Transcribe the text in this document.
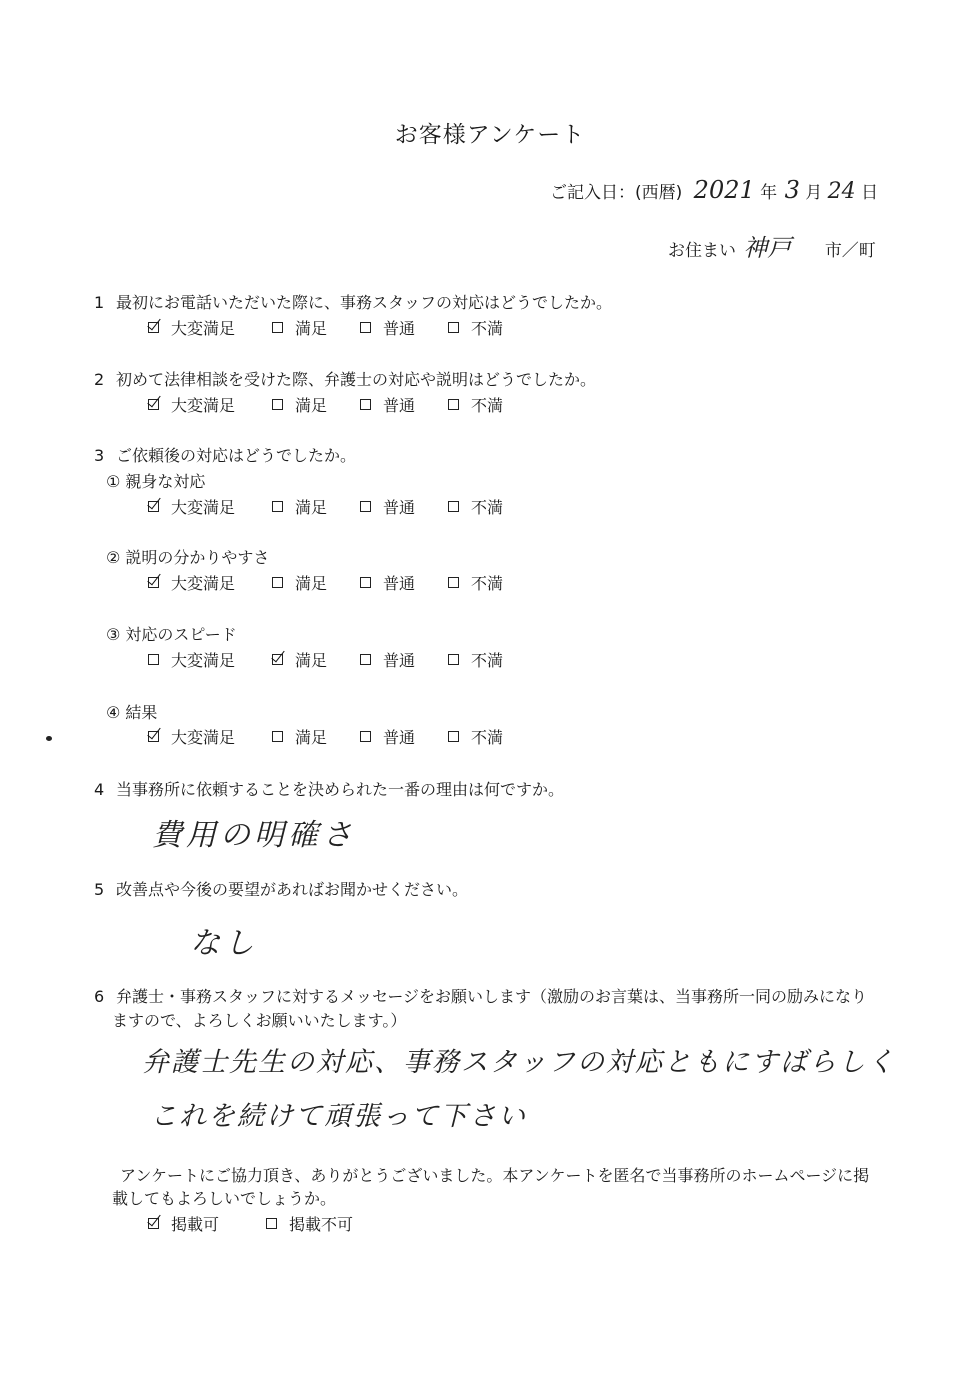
お客様アンケート
ご記入日：(西暦) 2021 年 3 月 24 日
お住まい 神戸 市／町
1 最初にお電話いただいた際に、事務スタッフの対応はどうでしたか。
大変満足	満足	普通	不満
2 初めて法律相談を受けた際、弁護士の対応や説明はどうでしたか。
大変満足	満足	普通	不満
3 ご依頼後の対応はどうでしたか。
① 親身な対応
大変満足	満足	普通	不満
② 説明の分かりやすさ
大変満足	満足	普通	不満
③ 対応のスピード
大変満足	満足	普通	不満
④ 結果
大変満足	満足	普通	不満
4 当事務所に依頼することを決められた一番の理由は何ですか。
費用の明確さ
5 改善点や今後の要望があればお聞かせください。
なし
6 弁護士・事務スタッフに対するメッセージをお願いします（激励のお言葉は、当事務所一同の励みになり
ますので、よろしくお願いいたします。）
弁護士先生の対応、事務スタッフの対応ともにすばらしく
これを続けて頑張って下さい
アンケートにご協力頂き、ありがとうございました。本アンケートを匿名で当事務所のホームページに掲
載してもよろしいでしょうか。
掲載可	掲載不可
